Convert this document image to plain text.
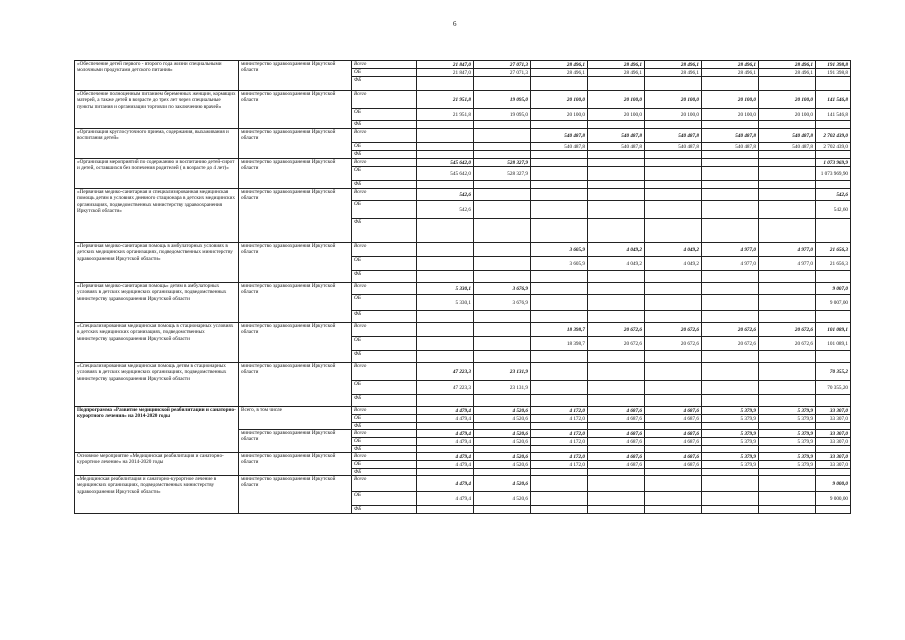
6
«Обеспечение детей первого - второго года жизни специальными молочными продуктами детского питания»	министерство здравоохранения Иркутской области	Всего	21 847,0	27 071,3	28 496,1	28 496,1	28 496,1	28 496,1	28 496,1	191 398,8
		ОБ	21 847,0	27 071,3	28 496,1	28 496,1	28 496,1	28 496,1	28 496,1	191 398,8
		ФБ								
«Обеспечение полноценным питанием беременных женщин, кормящих матерей, а также детей в возрасте до трех лет через специальные пункты питания и организации торговли по заключению врачей»	министерство здравоохранения Иркутской области	Всего	21 951,8	19 095,0	20 100,0	20 100,0	20 100,0	20 100,0	20 100,0	141 546,8
		ОБ	21 951,8	19 095,0	20 100,0	20 100,0	20 100,0	20 100,0	20 100,0	141 546,8
		ФБ								
«Организация круглосуточного приема, содержания, выхаживания и воспитания детей»	министерство здравоохранения Иркутской области	Всего			540 487,8	540 487,8	540 487,8	540 487,8	540 487,8	2 702 439,0
		ОБ			540 487,8	540 487,8	540 487,8	540 487,8	540 487,8	2 702 439,0
		ФБ								
«Организация мероприятий по содержанию и воспитанию детей-сирот и детей, оставшихся без попечения родителей ( в возрасте до 4 лет)»	министерство здравоохранения Иркутской области	Всего	545 642,0	528 327,9						1 073 969,9
		ОБ	545 642,0	528 327,9						1 073 969,90
		ФБ								
«Первичная медико-санитарная и специализированная медицинская помощь детям в условиях дневного стационара в детских медицинских организациях, подведомственных министерству здравоохранения Иркутской области»	министерство здравоохранения Иркутской области	Всего	542,6							542,6
		ОБ	542,6							542,60
		ФБ								
«Первичная медико-санитарная помощь в амбулаторных условиях в детских медицинских организациях, подведомственных министерству здравоохранения Иркутской области»	министерство здравоохранения Иркутской области	Всего			3 605,9	4 049,2	4 049,2	4 977,0	4 977,0	21 656,3
		ОБ			3 605,9	4 049,2	4 049,2	4 977,0	4 977,0	21 656,3
		ФБ								
«Первичная медико-санитарная помощь» детям в амбулаторных условиях в детских медицинских организациях, подведомственных министерству здравоохранения Иркутской области	министерство здравоохранения Иркутской области	Всего	5 330,1	3 676,9						9 007,0
		ОБ	5 330,1	3 676,9						9 007,00
		ФБ								
«Специализированная медицинская помощь в стационарных условиях в детских медицинских организациях, подведомственных министерству здравоохранения Иркутской области	министерство здравоохранения Иркутской области	Всего			18 398,7	20 672,6	20 672,6	20 672,6	20 672,6	101 089,1
		ОБ			18 398,7	20 672,6	20 672,6	20 672,6	20 672,6	101 089,1
		ФБ								
«Специализированная медицинская помощь детям в стационарных условиях в детских медицинских организациях, подведомственных министерству здравоохранения Иркутской области	министерство здравоохранения Иркутской области	Всего	47 223,3	23 131,9						70 355,2
		ОБ	47 223,3	23 131,9						70 355,20
		ФБ								
Подпрограмма «Развитие медицинской реабилитации и санаторно-курортного лечения» на 2014-2020 годы	Всего, в том числе	Всего	4 479,4	4 520,6	4 172,0	4 687,6	4 687,6	5 379,9	5 379,9	33 307,0
		ОБ	4 479,4	4 520,6	4 172,0	4 687,6	4 687,6	5 379,9	5 379,9	33 307,0
		ФБ								
	министерство здравоохранения Иркутской области	Всего	4 479,4	4 520,6	4 172,0	4 687,6	4 687,6	5 379,9	5 379,9	33 307,0
		ОБ	4 479,4	4 520,6	4 172,0	4 687,6	4 687,6	5 379,9	5 379,9	33 307,0
		ФБ								
Основное мероприятие «Медицинская реабилитация и санаторно-курортное лечение» на 2014-2020 годы	министерство здравоохранения Иркутской области	Всего	4 479,4	4 520,6	4 172,0	4 687,6	4 687,6	5 379,9	5 379,9	33 307,0
		ОБ	4 479,4	4 520,6	4 172,0	4 687,6	4 687,6	5 379,9	5 379,9	33 307,0
		ФБ								
«Медицинская реабилитация и санаторно-курортное лечение в медицинских организациях, подведомственных министерству здравоохранения Иркутской области»	министерство здравоохранения Иркутской области	Всего	4 479,4	4 520,6						9 000,0
		ОБ	4 479,4	4 520,6						9 000,00
		ФБ								
